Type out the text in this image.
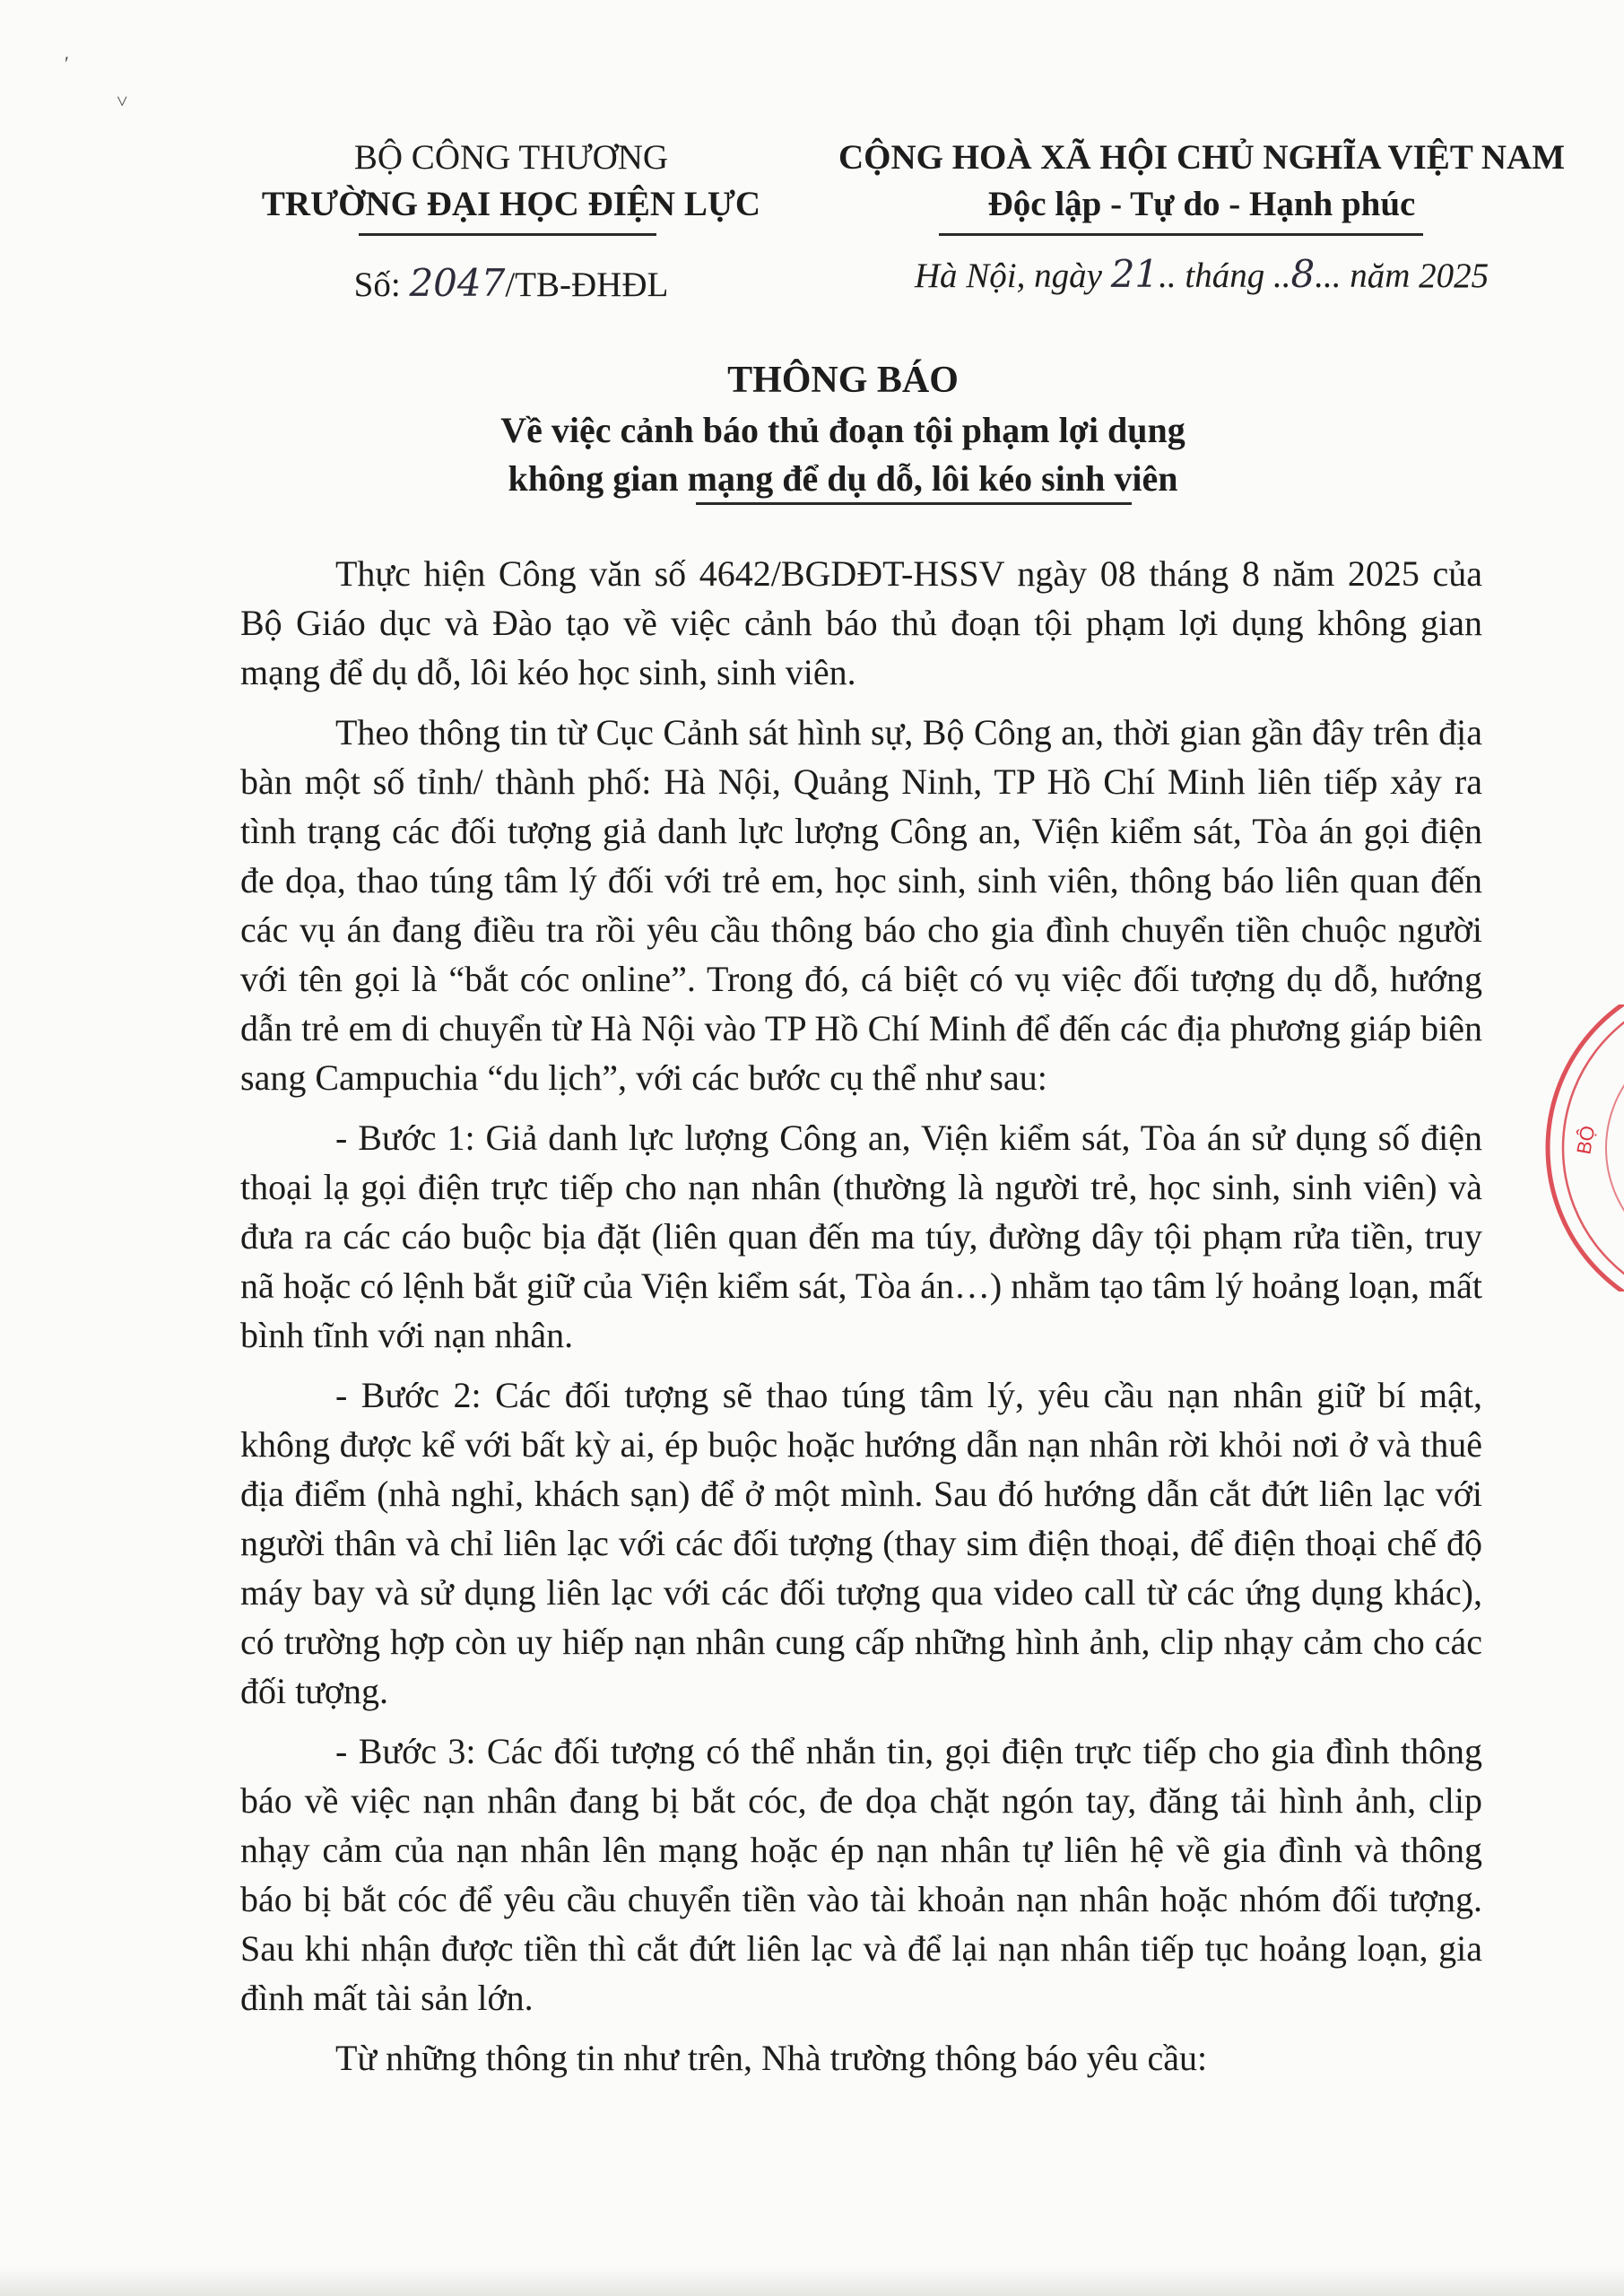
′
˅
BỘ CÔNG THƯƠNG
TRƯỜNG ĐẠI HỌC ĐIỆN LỰC
CỘNG HOÀ XÃ HỘI CHỦ NGHĨA VIỆT NAM
Độc lập - Tự do - Hạnh phúc
Số: 2047/TB-ĐHĐL	Hà Nội, ngày 21.. tháng ..8... năm 2025
THÔNG BÁO
Về việc cảnh báo thủ đoạn tội phạm lợi dụng
không gian mạng để dụ dỗ, lôi kéo sinh viên

Thực hiện Công văn số 4642/BGDĐT-HSSV ngày 08 tháng 8 năm 2025 của Bộ Giáo dục và Đào tạo về việc cảnh báo thủ đoạn tội phạm lợi dụng không gian mạng để dụ dỗ, lôi kéo học sinh, sinh viên.

Theo thông tin từ Cục Cảnh sát hình sự, Bộ Công an, thời gian gần đây trên địa bàn một số tỉnh/ thành phố: Hà Nội, Quảng Ninh, TP Hồ Chí Minh liên tiếp xảy ra tình trạng các đối tượng giả danh lực lượng Công an, Viện kiểm sát, Tòa án gọi điện đe dọa, thao túng tâm lý đối với trẻ em, học sinh, sinh viên, thông báo liên quan đến các vụ án đang điều tra rồi yêu cầu thông báo cho gia đình chuyển tiền chuộc người với tên gọi là “bắt cóc online”. Trong đó, cá biệt có vụ việc đối tượng dụ dỗ, hướng dẫn trẻ em di chuyển từ Hà Nội vào TP Hồ Chí Minh để đến các địa phương giáp biên sang Campuchia “du lịch”, với các bước cụ thể như sau:

- Bước 1: Giả danh lực lượng Công an, Viện kiểm sát, Tòa án sử dụng số điện thoại lạ gọi điện trực tiếp cho nạn nhân (thường là người trẻ, học sinh, sinh viên) và đưa ra các cáo buộc bịa đặt (liên quan đến ma túy, đường dây tội phạm rửa tiền, truy nã hoặc có lệnh bắt giữ của Viện kiểm sát, Tòa án…) nhằm tạo tâm lý hoảng loạn, mất bình tĩnh với nạn nhân.

- Bước 2: Các đối tượng sẽ thao túng tâm lý, yêu cầu nạn nhân giữ bí mật, không được kể với bất kỳ ai, ép buộc hoặc hướng dẫn nạn nhân rời khỏi nơi ở và thuê địa điểm (nhà nghỉ, khách sạn) để ở một mình. Sau đó hướng dẫn cắt đứt liên lạc với người thân và chỉ liên lạc với các đối tượng (thay sim điện thoại, để điện thoại chế độ máy bay và sử dụng liên lạc với các đối tượng qua video call từ các ứng dụng khác), có trường hợp còn uy hiếp nạn nhân cung cấp những hình ảnh, clip nhạy cảm cho các đối tượng.

- Bước 3: Các đối tượng có thể nhắn tin, gọi điện trực tiếp cho gia đình thông báo về việc nạn nhân đang bị bắt cóc, đe dọa chặt ngón tay, đăng tải hình ảnh, clip nhạy cảm của nạn nhân lên mạng hoặc ép nạn nhân tự liên hệ về gia đình và thông báo bị bắt cóc để yêu cầu chuyển tiền vào tài khoản nạn nhân hoặc nhóm đối tượng. Sau khi nhận được tiền thì cắt đứt liên lạc và để lại nạn nhân tiếp tục hoảng loạn, gia đình mất tài sản lớn.

Từ những thông tin như trên, Nhà trường thông báo yêu cầu:

BỘ
